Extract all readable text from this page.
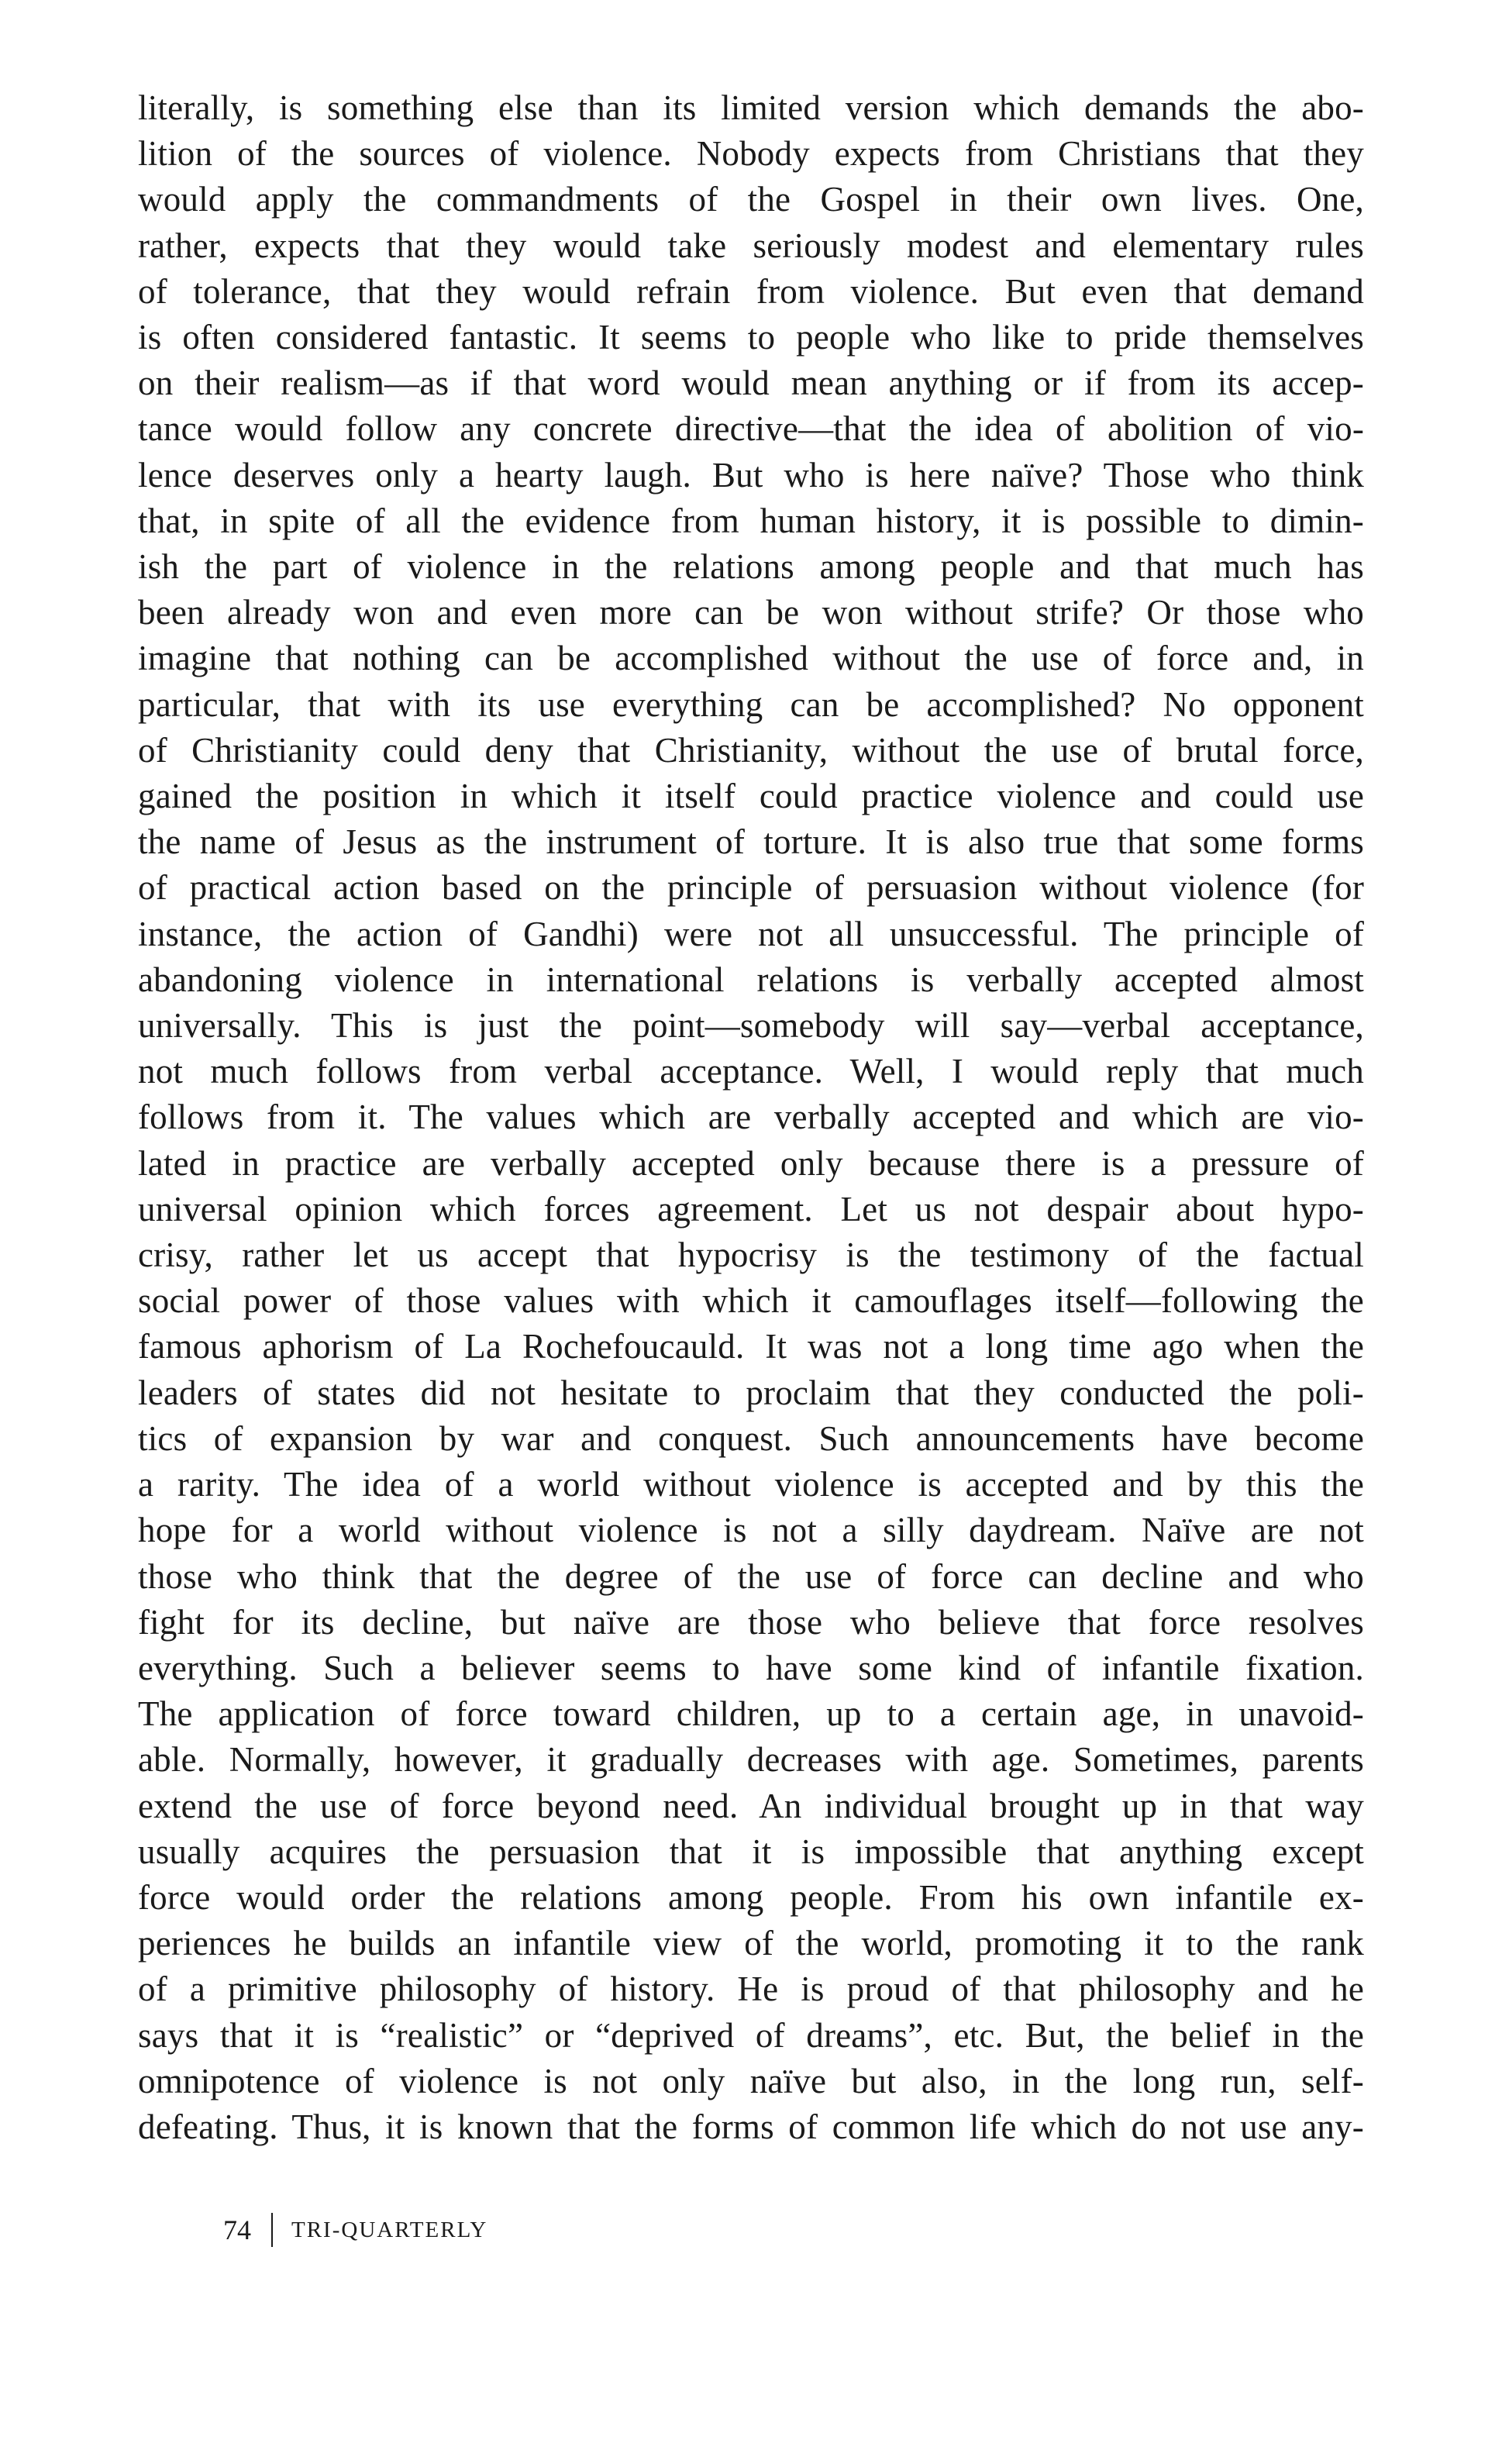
literally, is something else than its limited version which demands the abo-
lition of the sources of violence. Nobody expects from Christians that they
would apply the commandments of the Gospel in their own lives. One,
rather, expects that they would take seriously modest and elementary rules
of tolerance, that they would refrain from violence. But even that demand
is often considered fantastic. It seems to people who like to pride themselves
on their realism—as if that word would mean anything or if from its accep-
tance would follow any concrete directive—that the idea of abolition of vio-
lence deserves only a hearty laugh. But who is here naïve? Those who think
that, in spite of all the evidence from human history, it is possible to dimin-
ish the part of violence in the relations among people and that much has
been already won and even more can be won without strife? Or those who
imagine that nothing can be accomplished without the use of force and, in
particular, that with its use everything can be accomplished? No opponent
of Christianity could deny that Christianity, without the use of brutal force,
gained the position in which it itself could practice violence and could use
the name of Jesus as the instrument of torture. It is also true that some forms
of practical action based on the principle of persuasion without violence (for
instance, the action of Gandhi) were not all unsuccessful. The principle of
abandoning violence in international relations is verbally accepted almost
universally. This is just the point—somebody will say—verbal acceptance,
not much follows from verbal acceptance. Well, I would reply that much
follows from it. The values which are verbally accepted and which are vio-
lated in practice are verbally accepted only because there is a pressure of
universal opinion which forces agreement. Let us not despair about hypo-
crisy, rather let us accept that hypocrisy is the testimony of the factual
social power of those values with which it camouflages itself—following the
famous aphorism of La Rochefoucauld. It was not a long time ago when the
leaders of states did not hesitate to proclaim that they conducted the poli-
tics of expansion by war and conquest. Such announcements have become
a rarity. The idea of a world without violence is accepted and by this the
hope for a world without violence is not a silly daydream. Naïve are not
those who think that the degree of the use of force can decline and who
fight for its decline, but naïve are those who believe that force resolves
everything. Such a believer seems to have some kind of infantile fixation.
The application of force toward children, up to a certain age, in unavoid-
able. Normally, however, it gradually decreases with age. Sometimes, parents
extend the use of force beyond need. An individual brought up in that way
usually acquires the persuasion that it is impossible that anything except
force would order the relations among people. From his own infantile ex-
periences he builds an infantile view of the world, promoting it to the rank
of a primitive philosophy of history. He is proud of that philosophy and he
says that it is “realistic” or “deprived of dreams”, etc. But, the belief in the
omnipotence of violence is not only naïve but also, in the long run, self-
defeating. Thus, it is known that the forms of common life which do not use any-
74 TRI-QUARTERLY
